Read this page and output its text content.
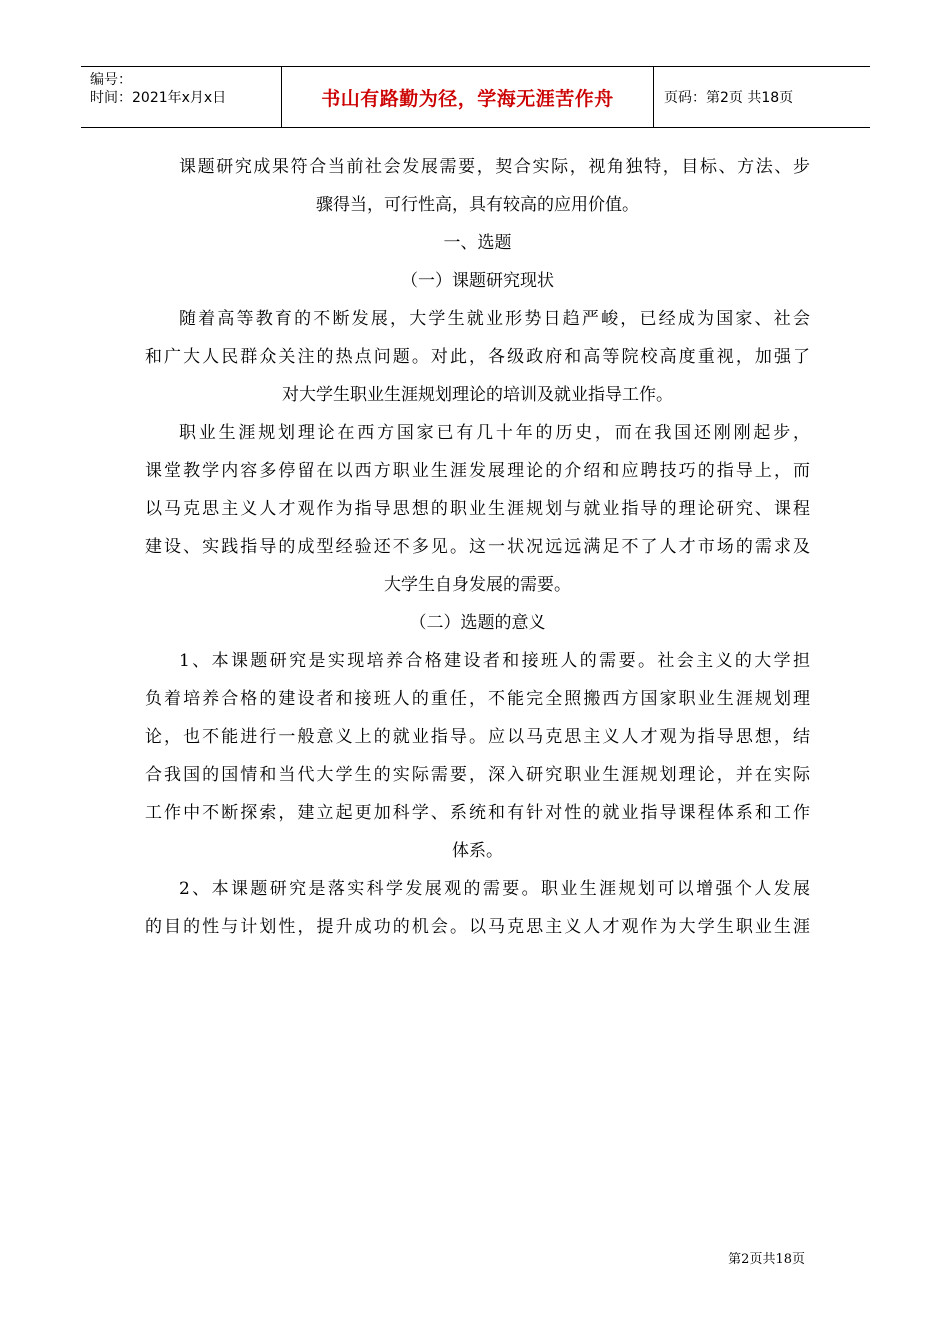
编号：
时间：2021年x月x日	书山有路勤为径，学海无涯苦作舟	页码：第2页 共18页

课题研究成果符合当前社会发展需要，契合实际，视角独特，目标、方法、步

骤得当，可行性高，具有较高的应用价值。

一、选题

（一）课题研究现状

随着高等教育的不断发展，大学生就业形势日趋严峻，已经成为国家、社会

和广大人民群众关注的热点问题。对此，各级政府和高等院校高度重视，加强了

对大学生职业生涯规划理论的培训及就业指导工作。

职业生涯规划理论在西方国家已有几十年的历史，而在我国还刚刚起步，

课堂教学内容多停留在以西方职业生涯发展理论的介绍和应聘技巧的指导上，而

以马克思主义人才观作为指导思想的职业生涯规划与就业指导的理论研究、课程

建设、实践指导的成型经验还不多见。这一状况远远满足不了人才市场的需求及

大学生自身发展的需要。

（二）选题的意义

1、本课题研究是实现培养合格建设者和接班人的需要。社会主义的大学担

负着培养合格的建设者和接班人的重任，不能完全照搬西方国家职业生涯规划理

论，也不能进行一般意义上的就业指导。应以马克思主义人才观为指导思想，结

合我国的国情和当代大学生的实际需要，深入研究职业生涯规划理论，并在实际

工作中不断探索，建立起更加科学、系统和有针对性的就业指导课程体系和工作

体系。

2、本课题研究是落实科学发展观的需要。职业生涯规划可以增强个人发展

的目的性与计划性，提升成功的机会。以马克思主义人才观作为大学生职业生涯

第2页共18页
